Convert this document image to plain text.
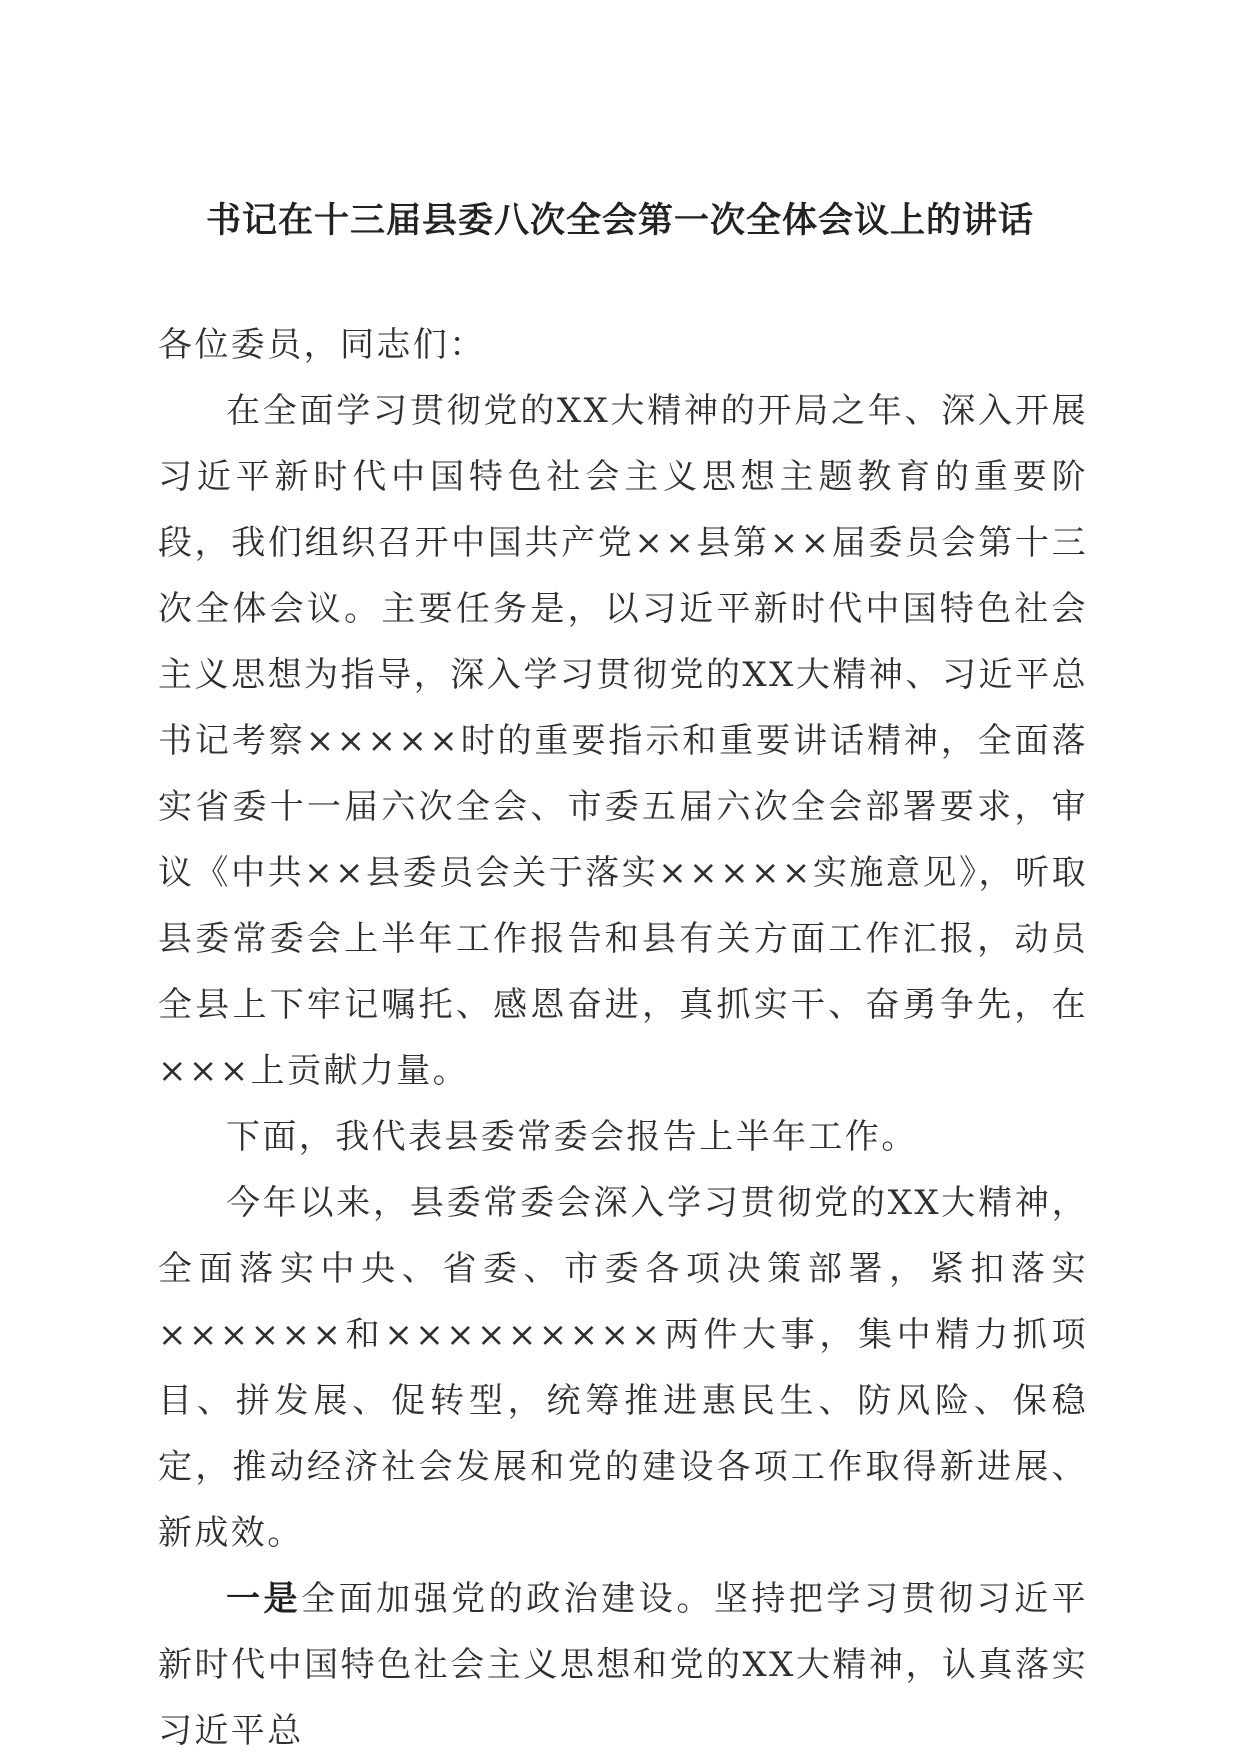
书记在十三届县委八次全会第一次全体会议上的讲话

各位委员，同志们：

在全面学习贯彻党的XX大精神的开局之年、深入开展习近平新时代中国特色社会主义思想主题教育的重要阶段，我们组织召开中国共产党××县第××届委员会第十三次全体会议。主要任务是，以习近平新时代中国特色社会主义思想为指导，深入学习贯彻党的XX大精神、习近平总书记考察×××××时的重要指示和重要讲话精神，全面落实省委十一届六次全会、市委五届六次全会部署要求，审议《中共××县委员会关于落实×××××实施意见》，听取县委常委会上半年工作报告和县有关方面工作汇报，动员全县上下牢记嘱托、感恩奋进，真抓实干、奋勇争先，在×××上贡献力量。

下面，我代表县委常委会报告上半年工作。

今年以来，县委常委会深入学习贯彻党的XX大精神，全面落实中央、省委、市委各项决策部署，紧扣落实××××××和×××××××××两件大事，集中精力抓项目、拼发展、促转型，统筹推进惠民生、防风险、保稳定，推动经济社会发展和党的建设各项工作取得新进展、新成效。

一是全面加强党的政治建设。坚持把学习贯彻习近平新时代中国特色社会主义思想和党的XX大精神，认真落实习近平总
